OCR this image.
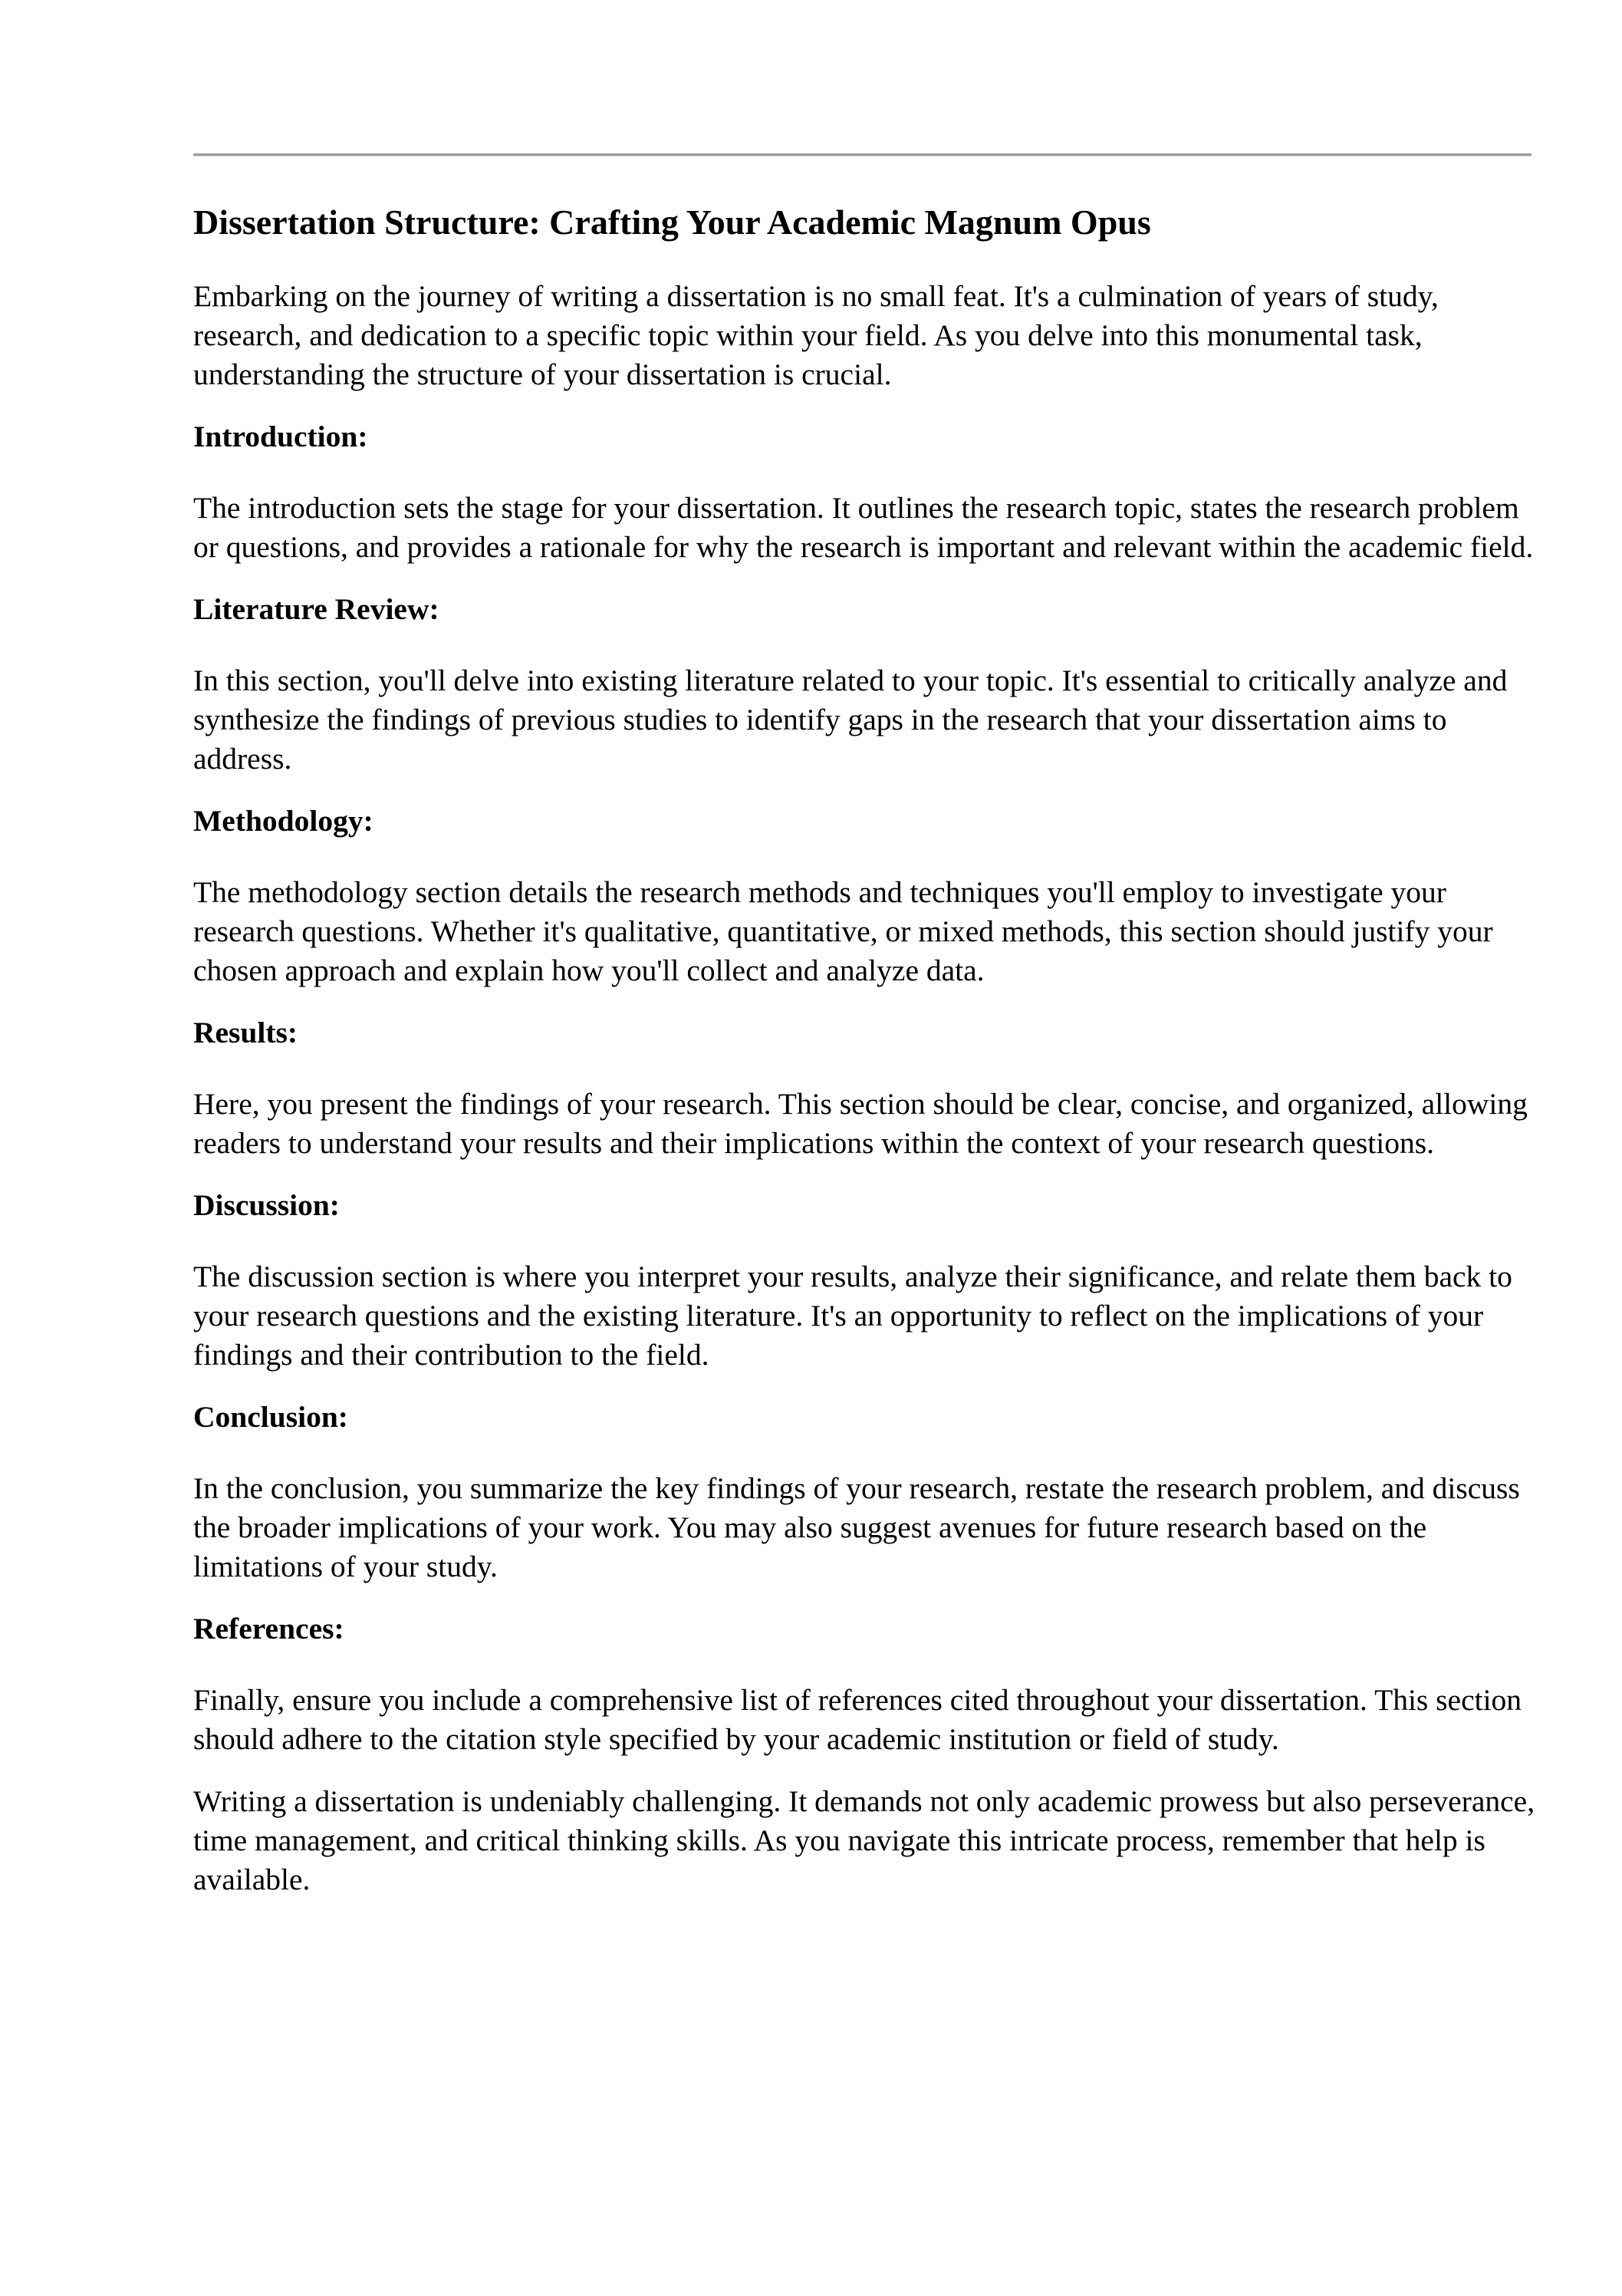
Dissertation Structure: Crafting Your Academic Magnum Opus

Embarking on the journey of writing a dissertation is no small feat. It's a culmination of years of study, research, and dedication to a specific topic within your field. As you delve into this monumental task, understanding the structure of your dissertation is crucial.

Introduction:

The introduction sets the stage for your dissertation. It outlines the research topic, states the research problem or questions, and provides a rationale for why the research is important and relevant within the academic field.

Literature Review:

In this section, you'll delve into existing literature related to your topic. It's essential to critically analyze and synthesize the findings of previous studies to identify gaps in the research that your dissertation aims to address.

Methodology:

The methodology section details the research methods and techniques you'll employ to investigate your research questions. Whether it's qualitative, quantitative, or mixed methods, this section should justify your chosen approach and explain how you'll collect and analyze data.

Results:

Here, you present the findings of your research. This section should be clear, concise, and organized, allowing readers to understand your results and their implications within the context of your research questions.

Discussion:

The discussion section is where you interpret your results, analyze their significance, and relate them back to your research questions and the existing literature. It's an opportunity to reflect on the implications of your findings and their contribution to the field.

Conclusion:

In the conclusion, you summarize the key findings of your research, restate the research problem, and discuss the broader implications of your work. You may also suggest avenues for future research based on the limitations of your study.

References:

Finally, ensure you include a comprehensive list of references cited throughout your dissertation. This section should adhere to the citation style specified by your academic institution or field of study.

Writing a dissertation is undeniably challenging. It demands not only academic prowess but also perseverance, time management, and critical thinking skills. As you navigate this intricate process, remember that help is available.
